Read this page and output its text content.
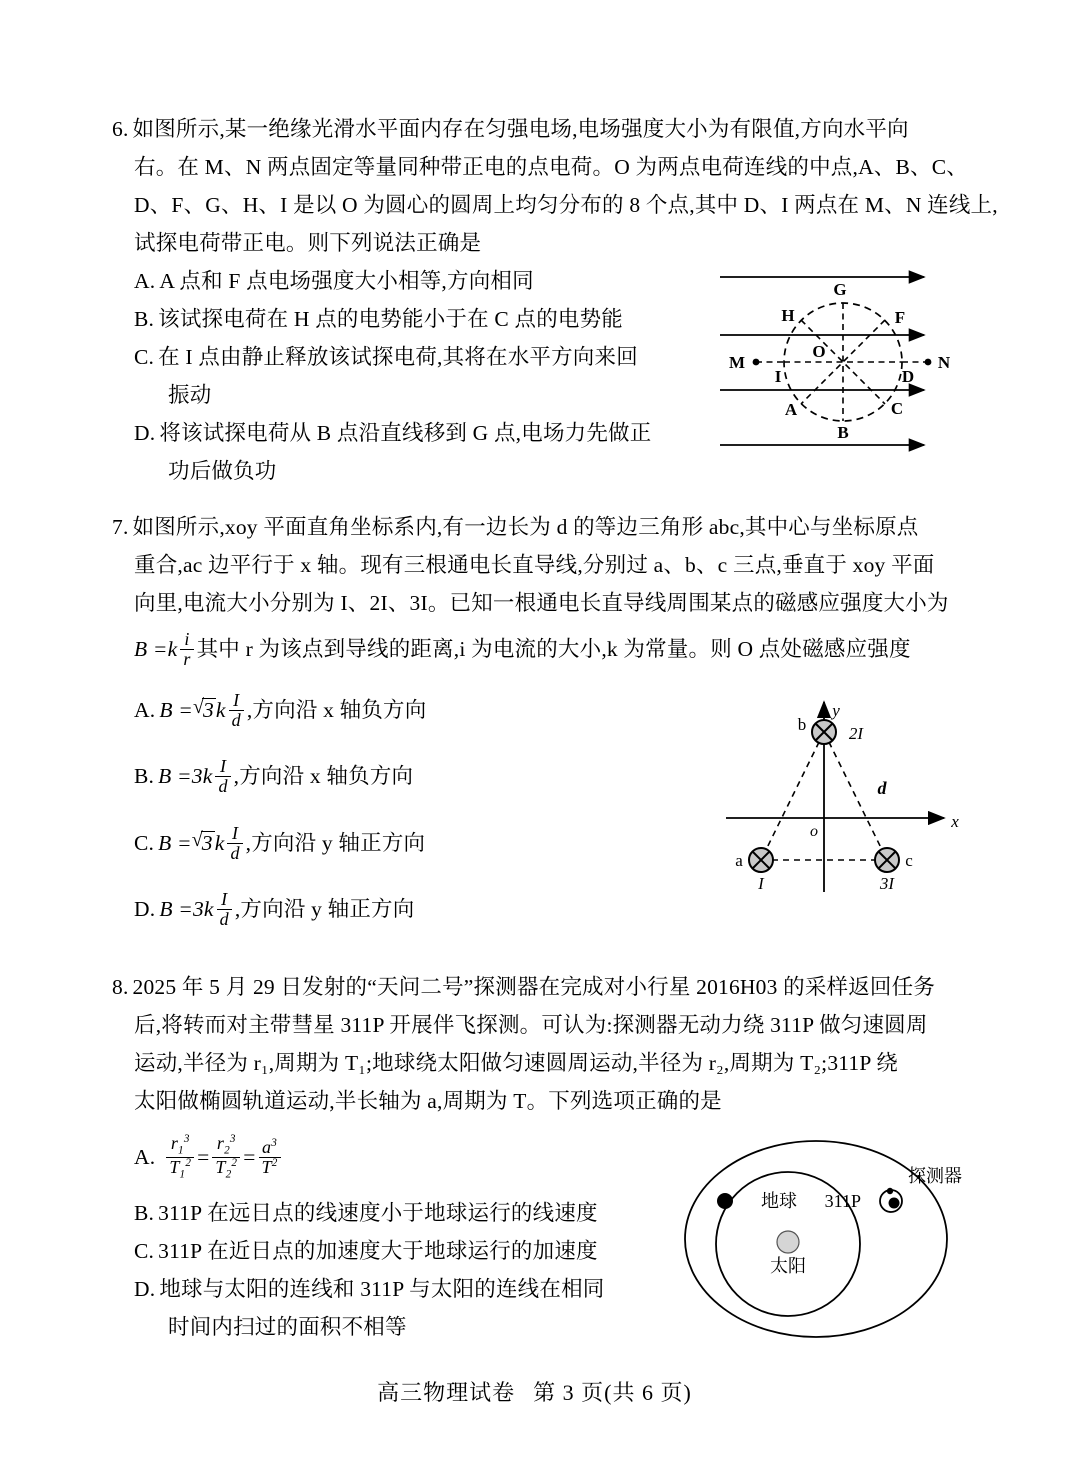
6. 如图所示,某一绝缘光滑水平面内存在匀强电场,电场强度大小为有限值,方向水平向
右。在 M、N 两点固定等量同种带正电的点电荷。O 为两点电荷连线的中点,A、B、C、
D、F、G、H、I 是以 O 为圆心的圆周上均匀分布的 8 个点,其中 D、I 两点在 M、N 连线上,
试探电荷带正电。则下列说法正确是
A. A 点和 F 点电场强度大小相等,方向相同
B. 该试探电荷在 H 点的电势能小于在 C 点的电势能
C. 在 I 点由静止释放该试探电荷,其将在水平方向来回
振动
D. 将该试探电荷从 B 点沿直线移到 G 点,电场力先做正
功后做负功
G
H	F
O
M
I	D
N
A	C
B
7. 如图所示,xoy 平面直角坐标系内,有一边长为 d 的等边三角形 abc,其中心与坐标原点
重合,ac 边平行于 x 轴。现有三根通电长直导线,分别过 a、b、c 三点,垂直于 xoy 平面
向里,电流大小分别为 I、2I、3I。已知一根通电长直导线周围某点的磁感应强度大小为
$B =k \frac{i}{r}$ 其中 r 为该点到导线的距离,i 为电流的大小,k 为常量。则 O 点处磁感应强度
A. B = √ $3k \frac{I}{d}$ ,方向沿 x 轴负方向
B. $B =3k \frac{I}{d}$ ,方向沿 x 轴负方向
C. B = √ $3k \frac{I}{d}$ ,方向沿 y 轴正方向
D. $B =3k \frac{I}{d}$ ,方向沿 y 轴正方向
b	2I
x
y
o
d
a	c
I	3I
8. 2025 年 5 月 29 日发射的“天问二号”探测器在完成对小行星 2016H03 的采样返回任务
后,将转而对主带彗星 311P 开展伴飞探测。可认为:探测器无动力绕 311P 做匀速圆周
运动,半径为 r₁,周期为 T₁;地球绕太阳做匀速圆周运动,半径为 r₂,周期为 T₂;311P 绕
太阳做椭圆轨道运动,半长轴为 a,周期为 T。下列选项正确的是
A. $\frac{r_1^3}{T_1^2} = \frac{r_2^3}{T_2^2} = \frac{a^3}{T^2}$
B. 311P 在远日点的线速度小于地球运行的线速度
C. 311P 在近日点的加速度大于地球运行的加速度
D. 地球与太阳的连线和 311P 与太阳的连线在相同
时间内扫过的面积不相等
太阳
地球 311P
探测器
高三物理试卷 第 3 页(共 6 页)
